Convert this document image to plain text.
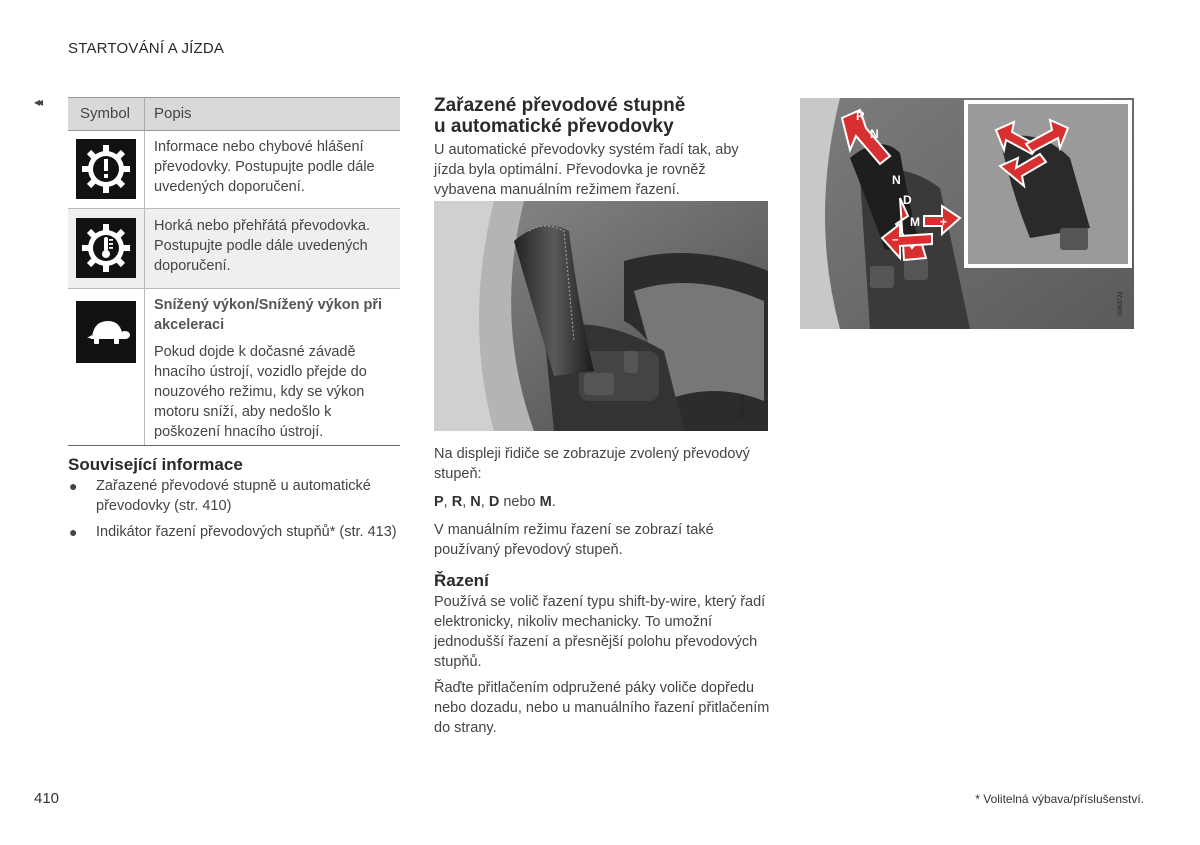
STARTOVÁNÍ A JÍZDA
◂◂
Symbol Popis
Informace nebo chybové hlášení převodovky. Postupujte podle dále uvedených doporučení.
Horká nebo přehřátá převodovka. Postupujte podle dále uvedených doporučení.
Snížený výkon/Snížený výkon při akceleraci
Pokud dojde k dočasné závadě hnacího ústrojí, vozidlo přejde do nouzového režimu, kdy se výkon motoru sníží, aby nedošlo k poškození hnacího ústrojí.
Související informace
● Zařazené převodové stupně u automatické převodovky (str. 410)
● Indikátor řazení převodových stupňů* (str. 413)
Zařazené převodové stupně
u automatické převodovky
U automatické převodovky systém řadí tak, aby jízda byla optimální. Převodovka je rovněž vybavena manuálním režimem řazení.
G063706
Na displeji řidiče se zobrazuje zvolený převodový stupeň:
P, R, N, D nebo M.
V manuálním režimu řazení se zobrazí také používaný převodový stupeň.
Řazení
Používá se volič řazení typu shift-by-wire, který řadí elektronicky, nikoliv mechanicky. To umožní jednodušší řazení a přesnější polohu převodových stupňů.
Řaďte přitlačením odpružené páky voliče dopředu nebo dozadu, nebo u manuálního řazení přitlačením do strany.
R
N
N
D
M
–
+
G063722
410	* Volitelná výbava/příslušenství.
